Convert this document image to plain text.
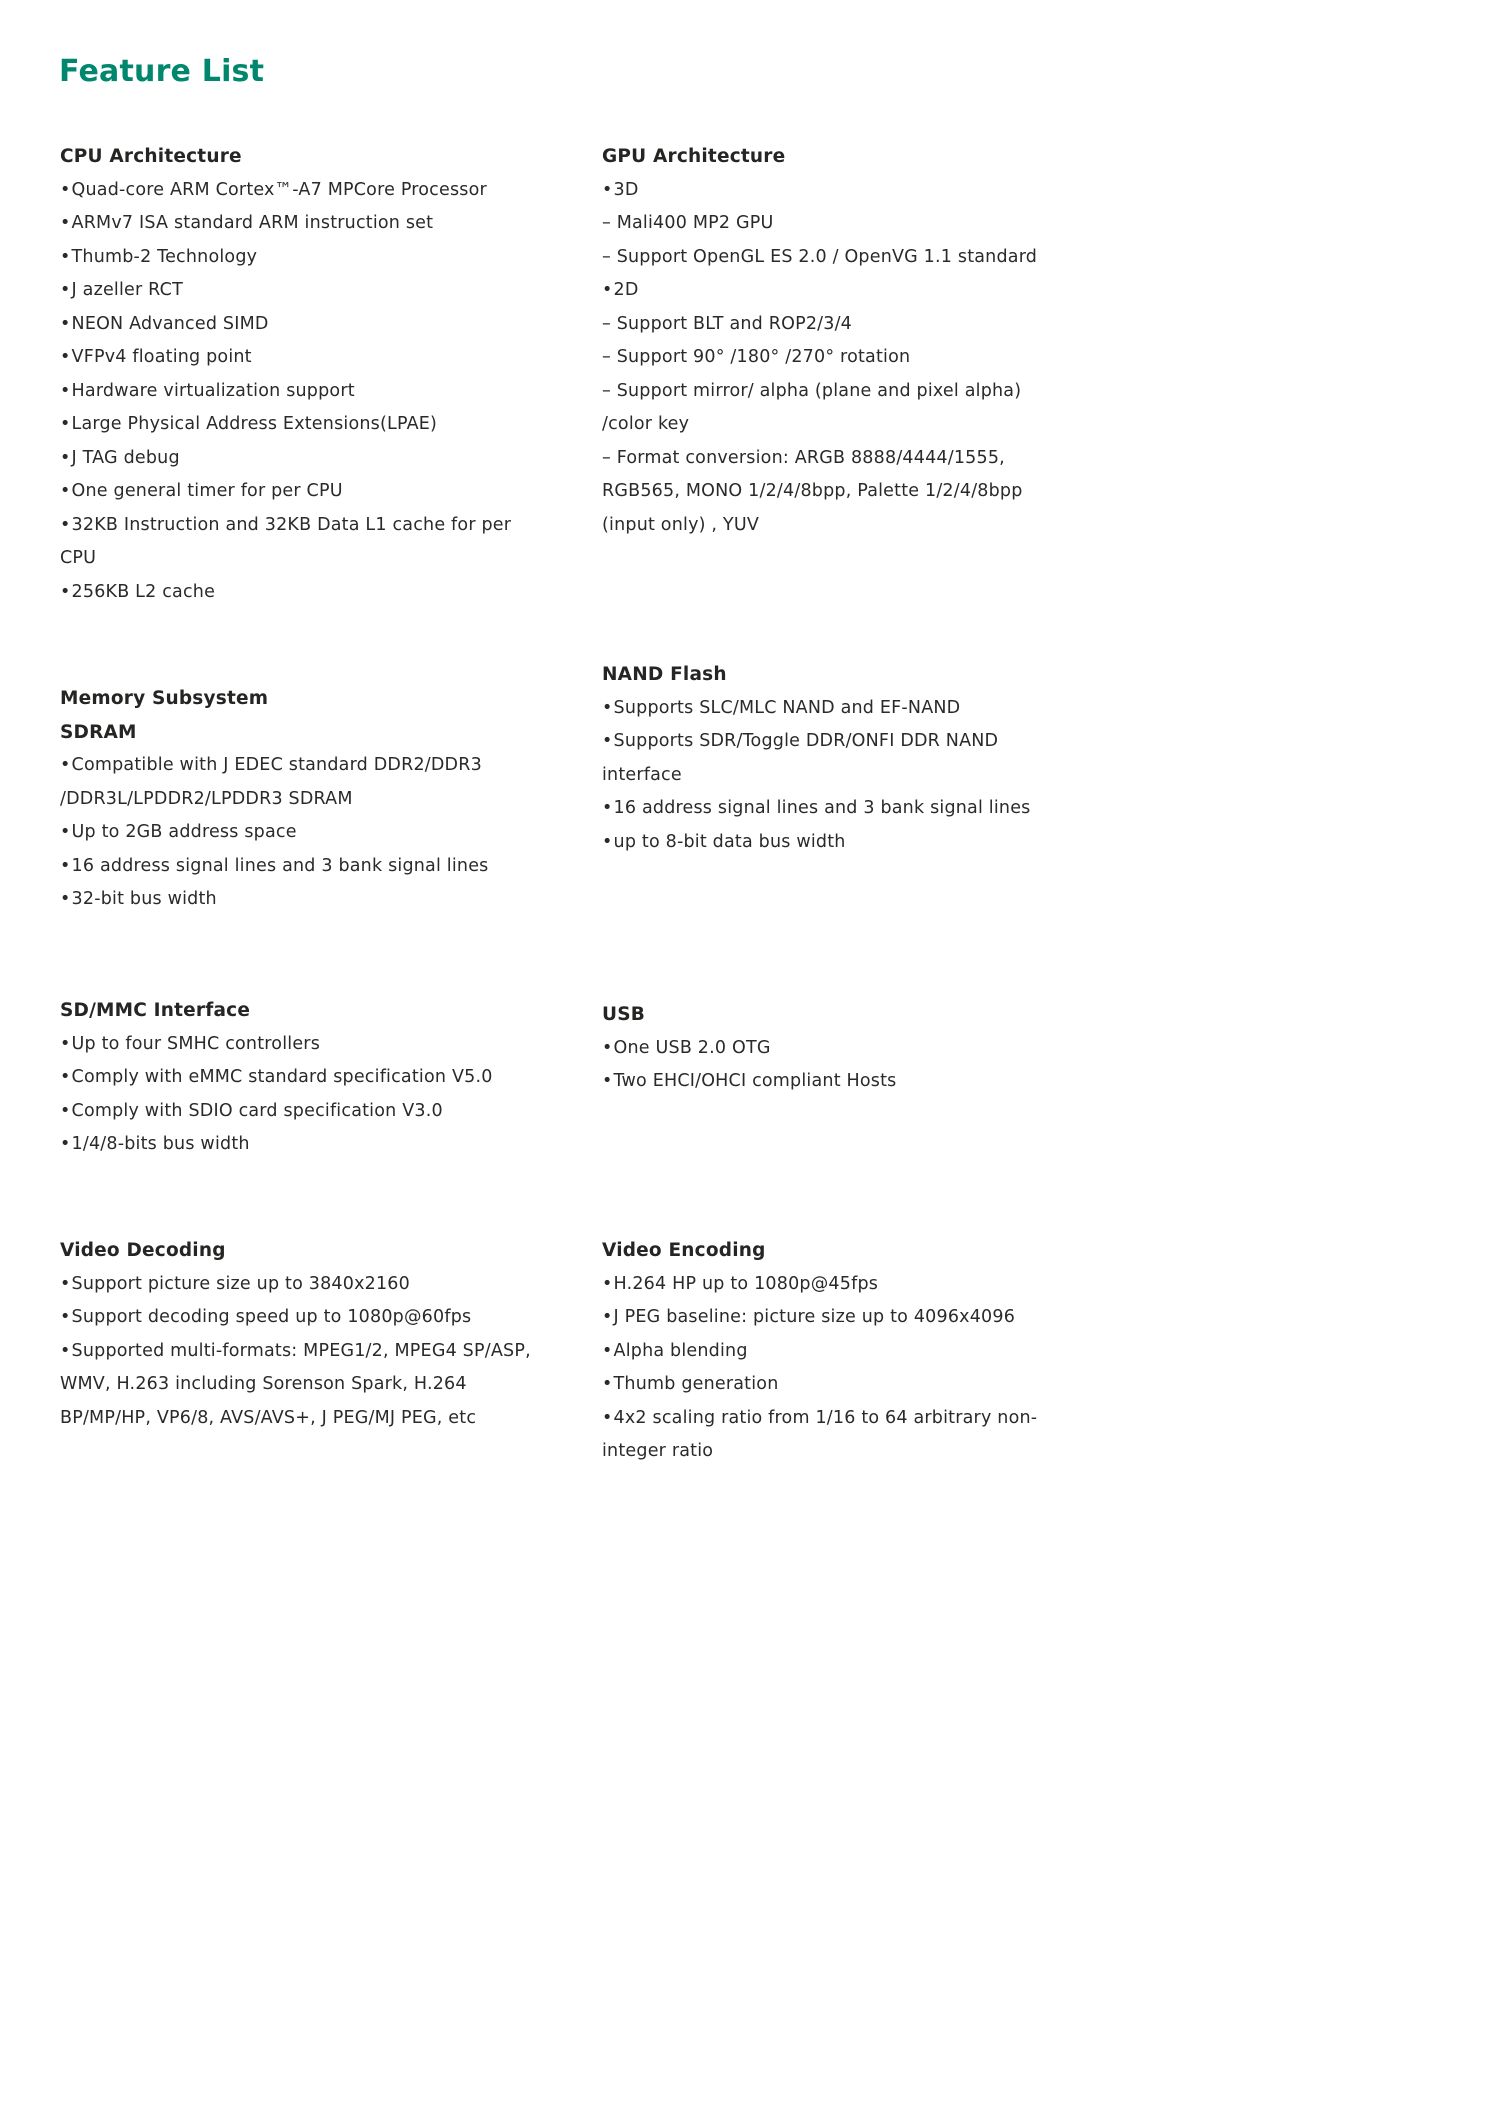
Feature List
CPU Architecture

•Quad-core ARM Cortex™-A7 MPCore Processor

•ARMv7 ISA standard ARM instruction set

•Thumb-2 Technology

•J azeller RCT

•NEON Advanced SIMD

•VFPv4 floating point

•Hardware virtualization support

•Large Physical Address Extensions(LPAE)

•J TAG debug

•One general timer for per CPU

•32KB Instruction and 32KB Data L1 cache for per CPU

•256KB L2 cache

GPU Architecture

•3D

– Mali400 MP2 GPU

– Support OpenGL ES 2.0 / OpenVG 1.1 standard

•2D

– Support BLT and ROP2/3/4

– Support 90° /180° /270° rotation

– Support mirror/ alpha (plane and pixel alpha) /color key

– Format conversion: ARGB 8888/4444/1555, RGB565, MONO 1/2/4/8bpp, Palette 1/2/4/8bpp (input only) , YUV

Memory Subsystem
SDRAM

•Compatible with J EDEC standard DDR2/DDR3 /DDR3L/LPDDR2/LPDDR3 SDRAM

•Up to 2GB address space

•16 address signal lines and 3 bank signal lines

•32-bit bus width

NAND Flash

•Supports SLC/MLC NAND and EF-NAND

•Supports SDR/Toggle DDR/ONFI DDR NAND interface

•16 address signal lines and 3 bank signal lines

•up to 8-bit data bus width

SD/MMC Interface

•Up to four SMHC controllers

•Comply with eMMC standard specification V5.0

•Comply with SDIO card specification V3.0

•1/4/8-bits bus width

USB

•One USB 2.0 OTG

•Two EHCI/OHCI compliant Hosts

Video Decoding

•Support picture size up to 3840x2160

•Support decoding speed up to 1080p@60fps

•Supported multi-formats: MPEG1/2, MPEG4 SP/ASP, WMV, H.263 including Sorenson Spark, H.264 BP/MP/HP, VP6/8, AVS/AVS+, J PEG/MJ PEG, etc

Video Encoding

•H.264 HP up to 1080p@45fps

•J PEG baseline: picture size up to 4096x4096

•Alpha blending

•Thumb generation

•4x2 scaling ratio from 1/16 to 64 arbitrary non-integer ratio
